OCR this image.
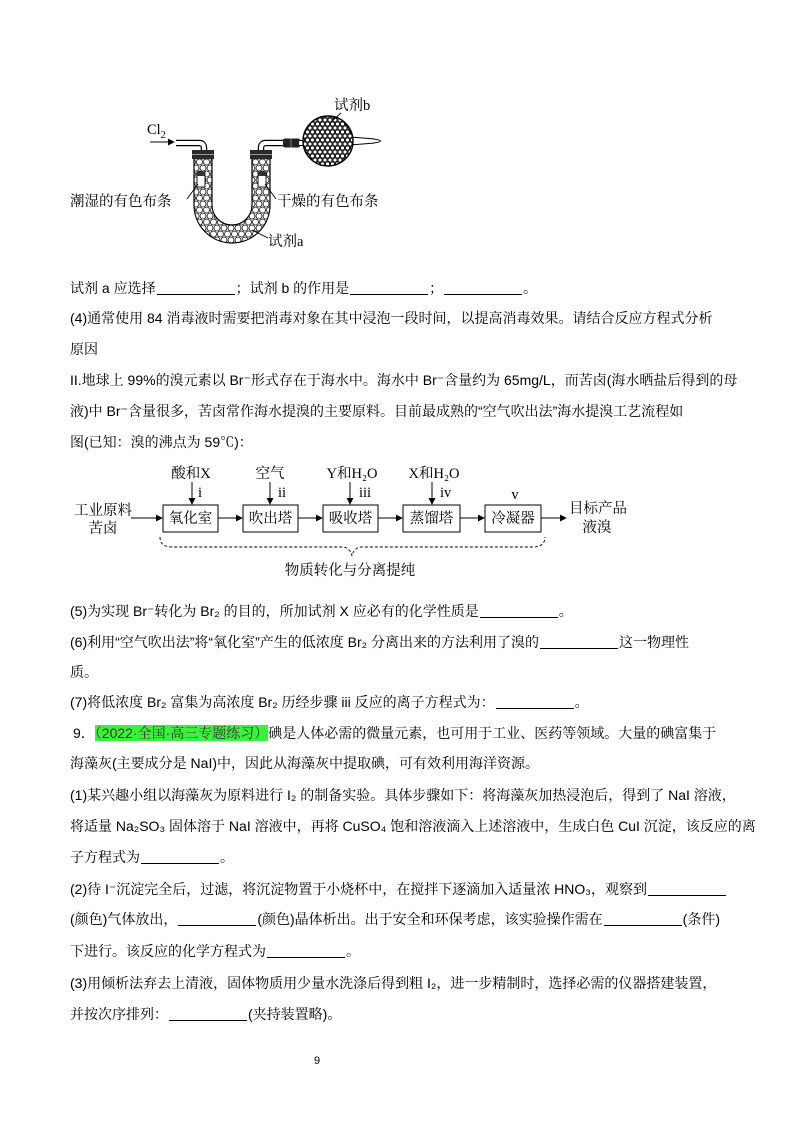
$Cl_2$
试剂b
潮湿的有色布条	干燥的有色布条
试剂a
试剂 a 应选择	；试剂 b 的作用是	；	。
(4)通常使用 84 消毒液时需要把消毒对象在其中浸泡一段时间，以提高消毒效果。请结合反应方程式分析
原因
II.地球上 99%的溴元素以 Br⁻形式存在于海水中。海水中 Br⁻含量约为 65mg/L，而苦卤(海水晒盐后得到的母
液)中 Br⁻含量很多，苦卤常作海水提溴的主要原料。目前最成熟的“空气吹出法”海水提溴工艺流程如
图(已知：溴的沸点为 59℃)：
酸和X	空气	Y和H₂O X和H₂O
i	ii	iii	iv	v
工业原料
苦卤
氧化室	吹出塔	吸收塔	蒸馏塔	冷凝器
目标产品
液溴
物质转化与分离提纯
(5)为实现 Br⁻转化为 Br₂ 的目的，所加试剂 X 应必有的化学性质是	。
(6)利用“空气吹出法”将“氧化室”产生的低浓度 Br₂ 分离出来的方法利用了溴的	这一物理性
质。
(7)将低浓度 Br₂ 富集为高浓度 Br₂ 历经步骤 iii 反应的离子方程式为：	。
9．（2022·全国·高三专题练习）碘是人体必需的微量元素，也可用于工业、医药等领域。大量的碘富集于
海藻灰(主要成分是 NaI)中，因此从海藻灰中提取碘，可有效利用海洋资源。
(1)某兴趣小组以海藻灰为原料进行 I₂ 的制备实验。具体步骤如下：将海藻灰加热浸泡后，得到了 NaI 溶液，
将适量 Na₂SO₃ 固体溶于 NaI 溶液中，再将 CuSO₄ 饱和溶液滴入上述溶液中，生成白色 CuI 沉淀，该反应的离
子方程式为	。
(2)待 I⁻沉淀完全后，过滤，将沉淀物置于小烧杯中，在搅拌下逐滴加入适量浓 HNO₃，观察到
(颜色)气体放出，	(颜色)晶体析出。出于安全和环保考虑，该实验操作需在	(条件)
下进行。该反应的化学方程式为	。
(3)用倾析法弃去上清液，固体物质用少量水洗涤后得到粗 I₂，进一步精制时，选择必需的仪器搭建装置，
并按次序排列：	(夹持装置略)。
9
